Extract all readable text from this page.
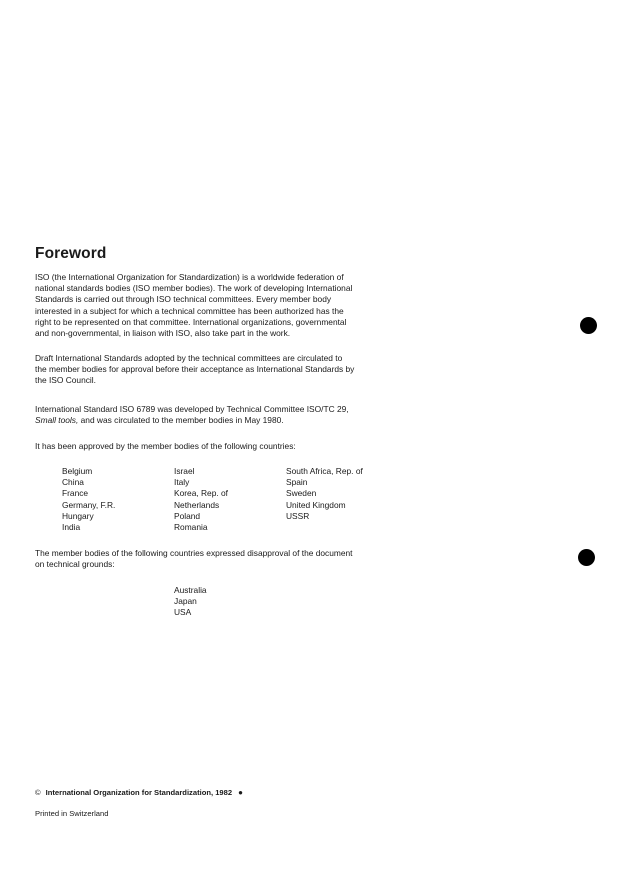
Foreword
ISO (the International Organization for Standardization) is a worldwide federation of
national standards bodies (ISO member bodies). The work of developing International
Standards is carried out through ISO technical committees. Every member body
interested in a subject for which a technical committee has been authorized has the
right to be represented on that committee. International organizations, governmental
and non-governmental, in liaison with ISO, also take part in the work.
Draft International Standards adopted by the technical committees are circulated to
the member bodies for approval before their acceptance as International Standards by
the ISO Council.
International Standard ISO 6789 was developed by Technical Committee ISO/TC 29,
Small tools, and was circulated to the member bodies in May 1980.
It has been approved by the member bodies of the following countries:
Belgium
China
France
Germany, F.R.
Hungary
India
Israel
Italy
Korea, Rep. of
Netherlands
Poland
Romania
South Africa, Rep. of
Spain
Sweden
United Kingdom
USSR
The member bodies of the following countries expressed disapproval of the document
on technical grounds:
Australia
Japan
USA
© International Organization for Standardization, 1982 ●
Printed in Switzerland
